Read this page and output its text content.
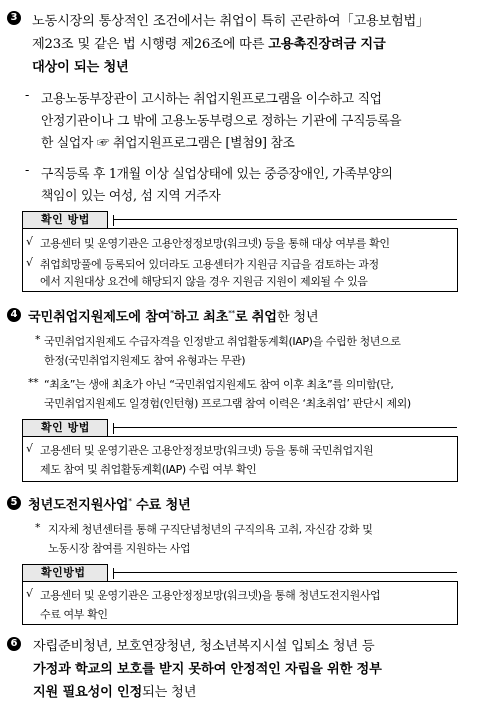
3 노동시장의 통상적인 조건에서는 취업이 특히 곤란하여「고용보험법」
제23조 및 같은 법 시행령 제26조에 따른 고용촉진장려금 지급
대상이 되는 청년
- 고용노동부장관이 고시하는 취업지원프로그램을 이수하고 직업
안정기관이나 그 밖에 고용노동부령으로 정하는 기관에 구직등록을
한 실업자 ☞ 취업지원프로그램은 [별첨9] 참조
- 구직등록 후 1개월 이상 실업상태에 있는 중증장애인, 가족부양의
책임이 있는 여성, 섬 지역 거주자
확인 방법
√ 고용센터 및 운영기관은 고용안정정보망(워크넷) 등을 통해 대상 여부를 확인
√ 취업희망풀에 등록되어 있더라도 고용센터가 지원금 지급을 검토하는 과정
에서 지원대상 요건에 해당되지 않을 경우 지원금 지원이 제외될 수 있음
4 국민취업지원제도에 참여*하고 최초**로 취업한 청년
* 국민취업지원제도 수급자격을 인정받고 취업활동계획(IAP)을 수립한 청년으로
한정(국민취업지원제도 참여 유형과는 무관)
** “최초”는 생애 최초가 아닌 “국민취업지원제도 참여 이후 최초”를 의미함(단,
국민취업지원제도 일경험(인턴형) 프로그램 참여 이력은 ‘최초취업’ 판단시 제외)
확인 방법
√ 고용센터 및 운영기관은 고용안정정보망(워크넷) 등을 통해 국민취업지원
제도 참여 및 취업활동계획(IAP) 수립 여부 확인
5 청년도전지원사업* 수료 청년
* 지자체 청년센터를 통해 구직단념청년의 구직의욕 고취, 자신감 강화 및
노동시장 참여를 지원하는 사업
확인방법
√ 고용센터 및 운영기관은 고용안정정보망(워크넷)을 통해 청년도전지원사업
수료 여부 확인
6 자립준비청년, 보호연장청년, 청소년복지시설 입퇴소 청년 등
가정과 학교의 보호를 받지 못하여 안정적인 자립을 위한 정부
지원 필요성이 인정되는 청년
